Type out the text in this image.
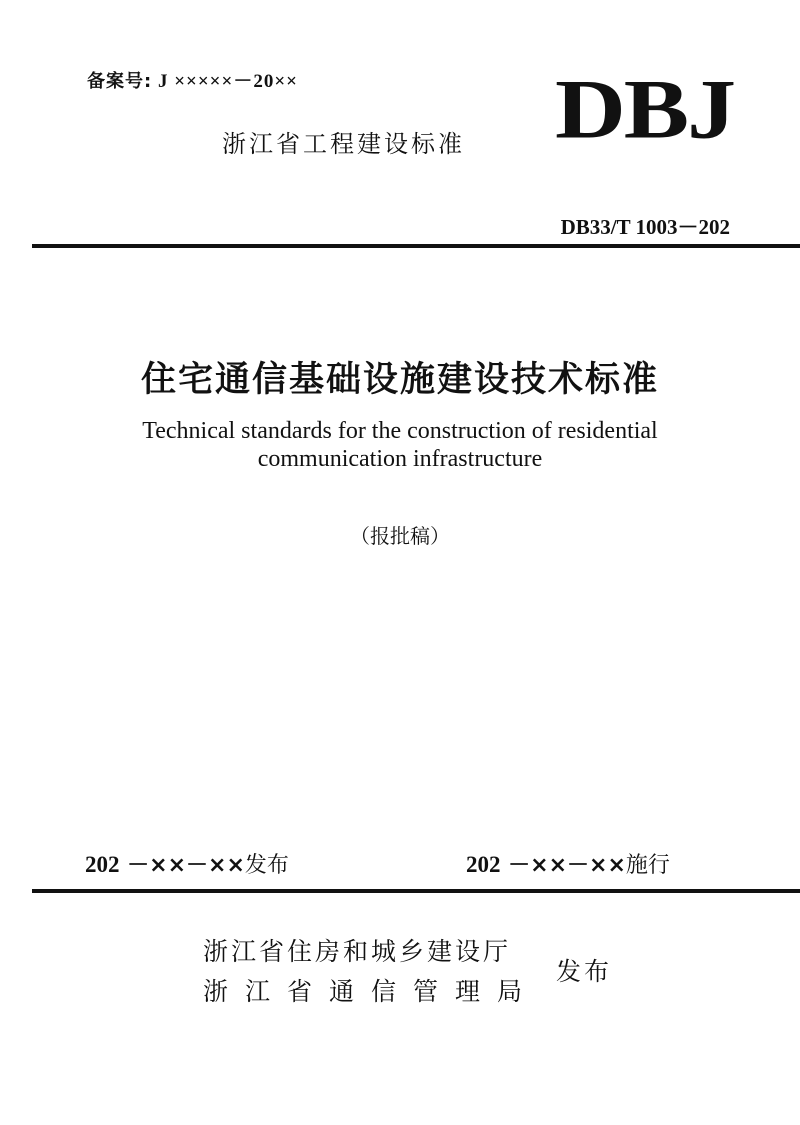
备案号: J ×××××－20××
浙江省工程建设标准 DBJ
DB33/T 1003－202
住宅通信基础设施建设技术标准
Technical standards for the construction of residential
communication infrastructure
（报批稿）
202 －××－××发布	202 －××－××施行
浙江省住房和城乡建设厅
浙江省通信管理局
发布
